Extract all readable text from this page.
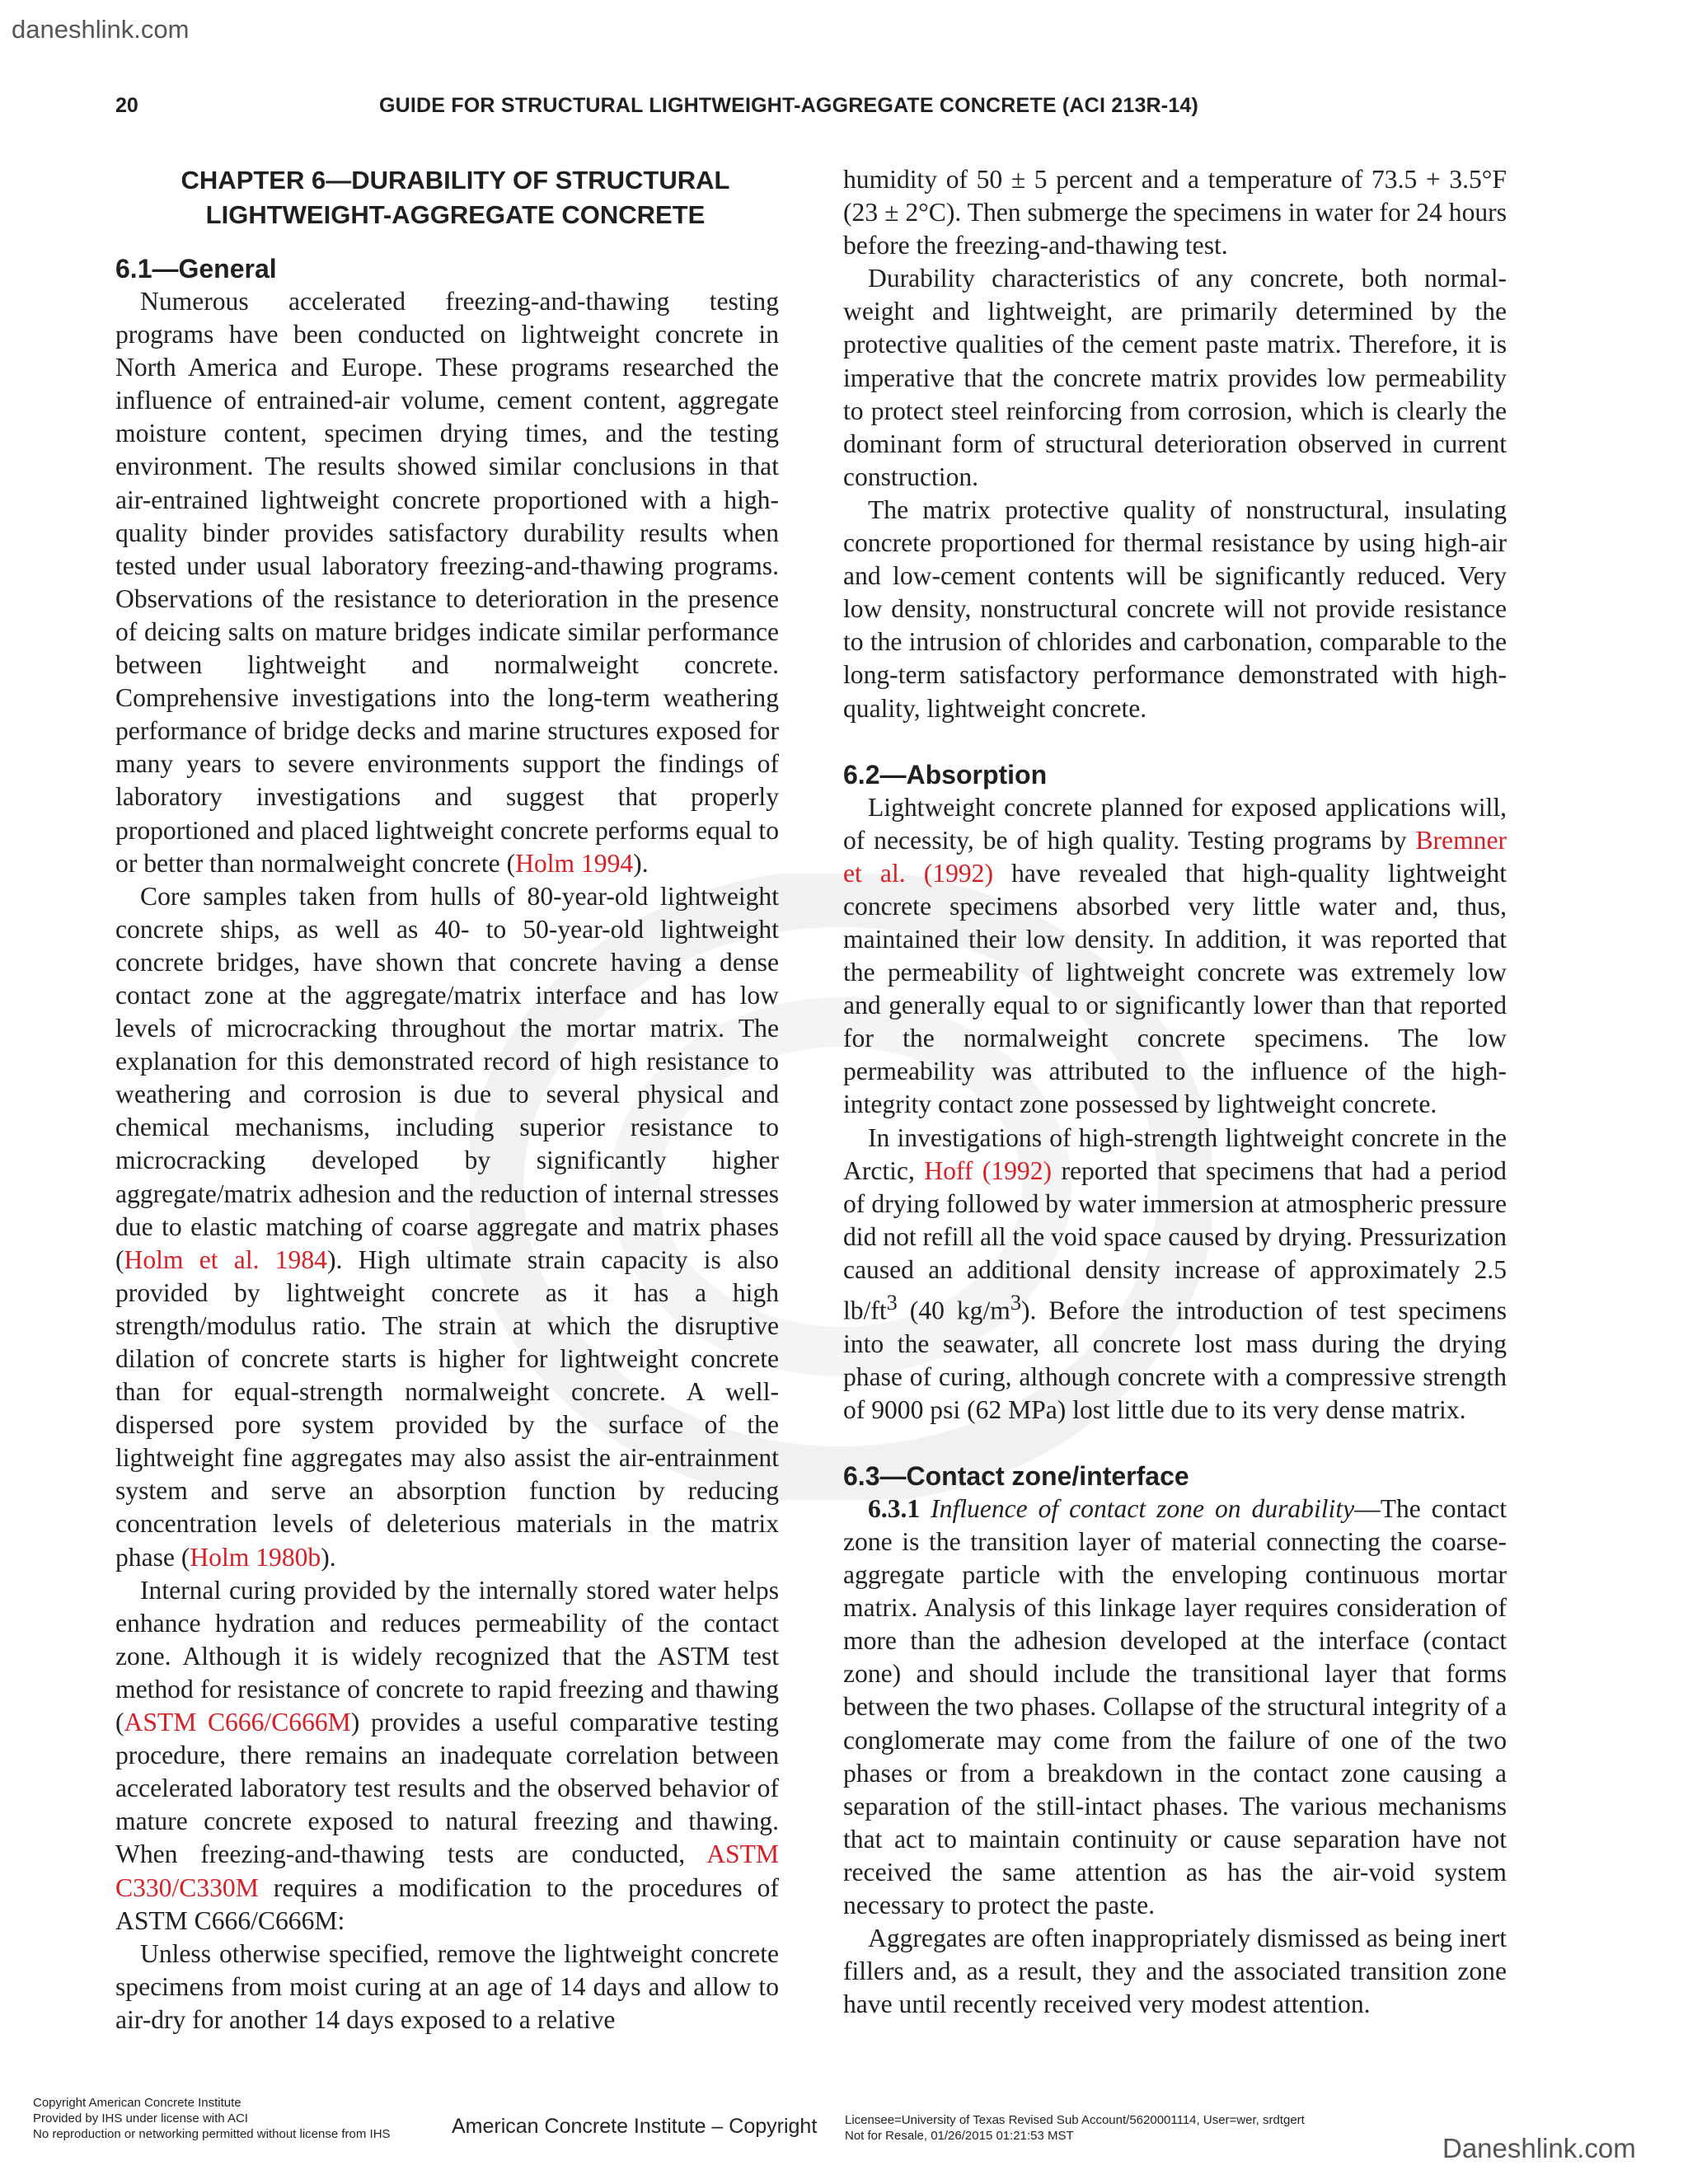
daneshlink.com
20	GUIDE FOR STRUCTURAL LIGHTWEIGHT-AGGREGATE CONCRETE (ACI 213R-14)
CHAPTER 6—DURABILITY OF STRUCTURAL
LIGHTWEIGHT-AGGREGATE CONCRETE
6.1—General

Numerous accelerated freezing-and-thawing testing programs have been conducted on lightweight concrete in North America and Europe. These programs researched the influence of entrained-air volume, cement content, aggregate moisture content, specimen drying times, and the testing environment. The results showed similar conclusions in that air-entrained lightweight concrete proportioned with a high-quality binder provides satisfactory durability results when tested under usual laboratory freezing-and-thawing programs. Observations of the resistance to deterioration in the presence of deicing salts on mature bridges indicate similar performance between lightweight and normalweight concrete. Comprehensive investigations into the long-term weathering performance of bridge decks and marine structures exposed for many years to severe environments support the findings of laboratory investigations and suggest that properly proportioned and placed lightweight concrete performs equal to or better than normalweight concrete (Holm 1994).

Core samples taken from hulls of 80-year-old lightweight concrete ships, as well as 40- to 50-year-old lightweight concrete bridges, have shown that concrete having a dense contact zone at the aggregate/matrix interface and has low levels of microcracking throughout the mortar matrix. The explanation for this demonstrated record of high resistance to weathering and corrosion is due to several physical and chemical mechanisms, including superior resistance to microcracking developed by significantly higher aggregate/matrix adhesion and the reduction of internal stresses due to elastic matching of coarse aggregate and matrix phases (Holm et al. 1984). High ultimate strain capacity is also provided by lightweight concrete as it has a high strength/modulus ratio. The strain at which the disruptive dilation of concrete starts is higher for lightweight concrete than for equal-strength normalweight concrete. A well-dispersed pore system provided by the surface of the lightweight fine aggregates may also assist the air-entrainment system and serve an absorption function by reducing concentration levels of deleterious materials in the matrix phase (Holm 1980b).

Internal curing provided by the internally stored water helps enhance hydration and reduces permeability of the contact zone. Although it is widely recognized that the ASTM test method for resistance of concrete to rapid freezing and thawing (ASTM C666/C666M) provides a useful comparative testing procedure, there remains an inadequate correlation between accelerated laboratory test results and the observed behavior of mature concrete exposed to natural freezing and thawing. When freezing-and-thawing tests are conducted, ASTM C330/C330M requires a modification to the procedures of ASTM C666/C666M:

Unless otherwise specified, remove the lightweight concrete specimens from moist curing at an age of 14 days and allow to air-dry for another 14 days exposed to a relative

humidity of 50 ± 5 percent and a temperature of 73.5 + 3.5°F (23 ± 2°C). Then submerge the specimens in water for 24 hours before the freezing-and-thawing test.

Durability characteristics of any concrete, both normal-weight and lightweight, are primarily determined by the protective qualities of the cement paste matrix. Therefore, it is imperative that the concrete matrix provides low permeability to protect steel reinforcing from corrosion, which is clearly the dominant form of structural deterioration observed in current construction.

The matrix protective quality of nonstructural, insulating concrete proportioned for thermal resistance by using high-air and low-cement contents will be significantly reduced. Very low density, nonstructural concrete will not provide resistance to the intrusion of chlorides and carbonation, comparable to the long-term satisfactory performance demonstrated with high-quality, lightweight concrete.

6.2—Absorption

Lightweight concrete planned for exposed applications will, of necessity, be of high quality. Testing programs by Bremner et al. (1992) have revealed that high-quality lightweight concrete specimens absorbed very little water and, thus, maintained their low density. In addition, it was reported that the permeability of lightweight concrete was extremely low and generally equal to or significantly lower than that reported for the normalweight concrete specimens. The low permeability was attributed to the influence of the high-integrity contact zone possessed by lightweight concrete.

In investigations of high-strength lightweight concrete in the Arctic, Hoff (1992) reported that specimens that had a period of drying followed by water immersion at atmospheric pressure did not refill all the void space caused by drying. Pressurization caused an additional density increase of approximately 2.5 $lb/ft^3$ (40 $kg/m^3$). Before the introduction of test specimens into the seawater, all concrete lost mass during the drying phase of curing, although concrete with a compressive strength of 9000 psi (62 MPa) lost little due to its very dense matrix.

6.3—Contact zone/interface

6.3.1 Influence of contact zone on durability—The contact zone is the transition layer of material connecting the coarse-aggregate particle with the enveloping continuous mortar matrix. Analysis of this linkage layer requires consideration of more than the adhesion developed at the interface (contact zone) and should include the transitional layer that forms between the two phases. Collapse of the structural integrity of a conglomerate may come from the failure of one of the two phases or from a breakdown in the contact zone causing a separation of the still-intact phases. The various mechanisms that act to maintain continuity or cause separation have not received the same attention as has the air-void system necessary to protect the paste.

Aggregates are often inappropriately dismissed as being inert fillers and, as a result, they and the associated transition zone have until recently received very modest attention.

Copyright American Concrete Institute
Provided by IHS under license with ACI
No reproduction or networking permitted without license from IHS	American Concrete Institute – Copyright Licensee=University of Texas Revised Sub Account/5620001114, User=wer, srdtgert
Not for Resale, 01/26/2015 01:21:53 MST	Daneshlink.com
